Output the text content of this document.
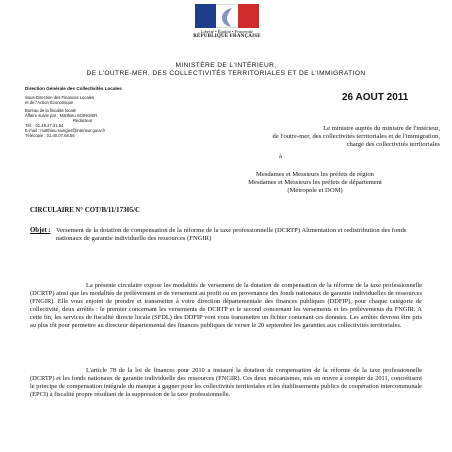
Liberté • Égalité • Fraternité
RÉPUBLIQUE FRANÇAISE
MINISTÈRE DE L'INTÉRIEUR,
DE L'OUTRE-MER, DES COLLECTIVITÉS TERRITORIALES ET DE L'IMMIGRATION
Direction Générale des Collectivités Locales
Sous-Direction des Finances Locales
et de l'Action Économique
Bureau de la fiscalité locale
Affaire suivie par : Matthieu SOINGIER
Rédacteur
Tél. : 01.49.27.31.54
E-mail : matthieu.soingier@interieur.gouv.fr
Télécopie : 01.40.07.68.56
26 AOUT 2011
Le ministre auprès du ministre de l'intérieur,
de l'outre-mer, des collectivités territoriales et de l'immigration,
chargé des collectivités territoriales
à
Mesdames et Messieurs les préfets de région
Mesdames et Messieurs les préfets de département
(Métropole et DOM)
CIRCULAIRE N° COT/B/11/17305/C
Objet : Versement de la dotation de compensation de la réforme de la taxe professionnelle (DCRTP) Alimentation et redistribution des fonds nationaux de garantie individuelle des ressources (FNGIR)
La présente circulaire expose les modalités de versement de la dotation de compensation de la réforme de la taxe professionnelle (DCRTP) ainsi que les modalités de prélèvement et de versement au profit ou en provenance des fonds nationaux de garantie individuelles de ressources (FNGIR). Elle vous enjoint de prendre et transmettre à votre direction départementale des finances publiques (DDFIP), pour chaque catégorie de collectivité, deux arrêtés : le premier concernant les versements de DCRTP et le second concernant les versements et les prélèvements du FNGIR. A cette fin, les services de fiscalité directe locale (SFDL) des DDFIP vont vous transmettre un fichier contenant ces données. Les arrêtés devront être pris au plus tôt pour permettre au directeur départemental des finances publiques de verser le 20 septembre les garanties aux collectivités territoriales.
L'article 78 de la loi de finances pour 2010 a instauré la dotation de compensation de la réforme de la taxe professionnelle (DCRTP) et les fonds nationaux de garantie individuelle des ressources (FNGIR). Ces deux mécanismes, mis en œuvre à compter de 2011, concrétisent le principe de compensation intégrale du manque à gagner pour les collectivités territoriales et les établissements publics de coopération intercommunale (EPCI) à fiscalité propre résultant de la suppression de la taxe professionnelle.
